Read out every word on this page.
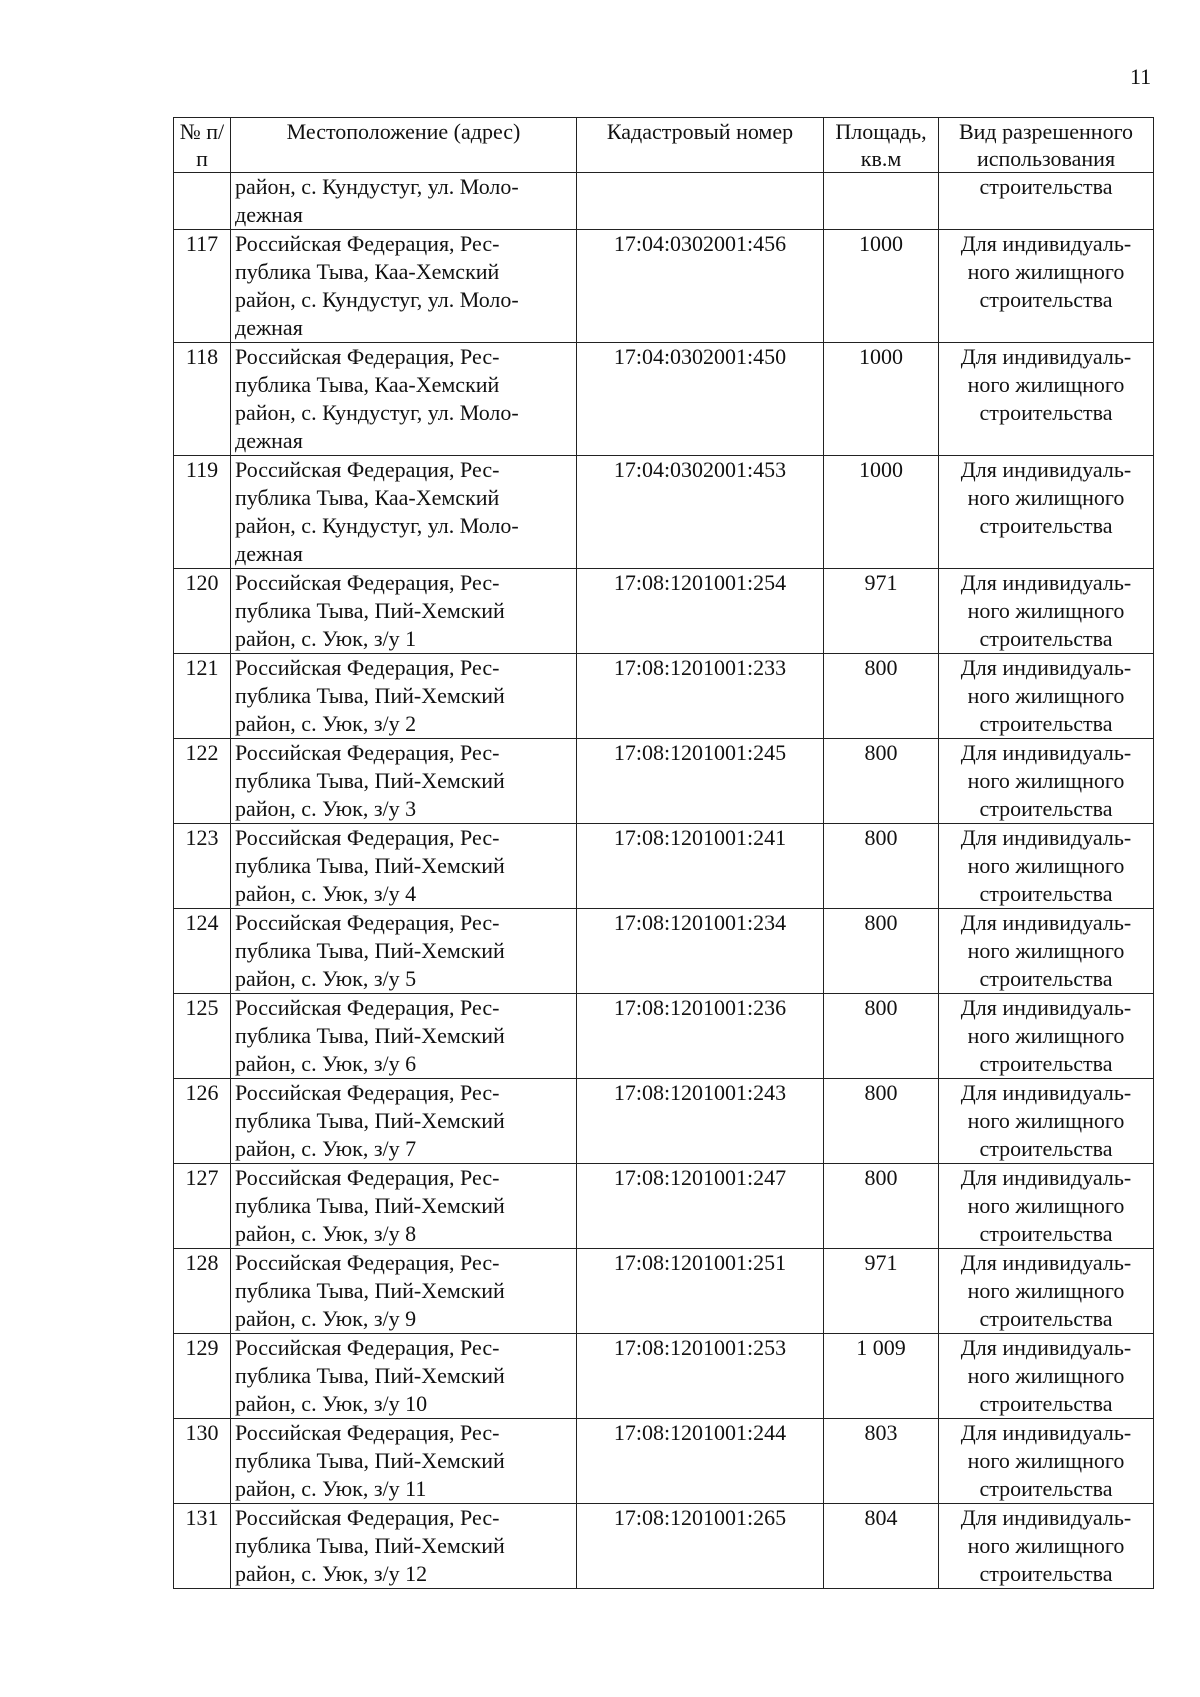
11
№ п/п	Местоположение (адрес)	Кадастровый номер	Площадь, кв.м	Вид разрешенного использования
	район, с. Кундустуг, ул. Моло-
дежная			строительства
117	Российская Федерация, Рес-
публика Тыва, Каа-Хемский
район, с. Кундустуг, ул. Моло-
дежная	17:04:0302001:456	1000	Для индивидуаль-
ного жилищного
строительства
118	Российская Федерация, Рес-
публика Тыва, Каа-Хемский
район, с. Кундустуг, ул. Моло-
дежная	17:04:0302001:450	1000	Для индивидуаль-
ного жилищного
строительства
119	Российская Федерация, Рес-
публика Тыва, Каа-Хемский
район, с. Кундустуг, ул. Моло-
дежная	17:04:0302001:453	1000	Для индивидуаль-
ного жилищного
строительства
120	Российская Федерация, Рес-
публика Тыва, Пий-Хемский
район, с. Уюк, з/у 1	17:08:1201001:254	971	Для индивидуаль-
ного жилищного
строительства
121	Российская Федерация, Рес-
публика Тыва, Пий-Хемский
район, с. Уюк, з/у 2	17:08:1201001:233	800	Для индивидуаль-
ного жилищного
строительства
122	Российская Федерация, Рес-
публика Тыва, Пий-Хемский
район, с. Уюк, з/у 3	17:08:1201001:245	800	Для индивидуаль-
ного жилищного
строительства
123	Российская Федерация, Рес-
публика Тыва, Пий-Хемский
район, с. Уюк, з/у 4	17:08:1201001:241	800	Для индивидуаль-
ного жилищного
строительства
124	Российская Федерация, Рес-
публика Тыва, Пий-Хемский
район, с. Уюк, з/у 5	17:08:1201001:234	800	Для индивидуаль-
ного жилищного
строительства
125	Российская Федерация, Рес-
публика Тыва, Пий-Хемский
район, с. Уюк, з/у 6	17:08:1201001:236	800	Для индивидуаль-
ного жилищного
строительства
126	Российская Федерация, Рес-
публика Тыва, Пий-Хемский
район, с. Уюк, з/у 7	17:08:1201001:243	800	Для индивидуаль-
ного жилищного
строительства
127	Российская Федерация, Рес-
публика Тыва, Пий-Хемский
район, с. Уюк, з/у 8	17:08:1201001:247	800	Для индивидуаль-
ного жилищного
строительства
128	Российская Федерация, Рес-
публика Тыва, Пий-Хемский
район, с. Уюк, з/у 9	17:08:1201001:251	971	Для индивидуаль-
ного жилищного
строительства
129	Российская Федерация, Рес-
публика Тыва, Пий-Хемский
район, с. Уюк, з/у 10	17:08:1201001:253	1 009	Для индивидуаль-
ного жилищного
строительства
130	Российская Федерация, Рес-
публика Тыва, Пий-Хемский
район, с. Уюк, з/у 11	17:08:1201001:244	803	Для индивидуаль-
ного жилищного
строительства
131	Российская Федерация, Рес-
публика Тыва, Пий-Хемский
район, с. Уюк, з/у 12	17:08:1201001:265	804	Для индивидуаль-
ного жилищного
строительства
